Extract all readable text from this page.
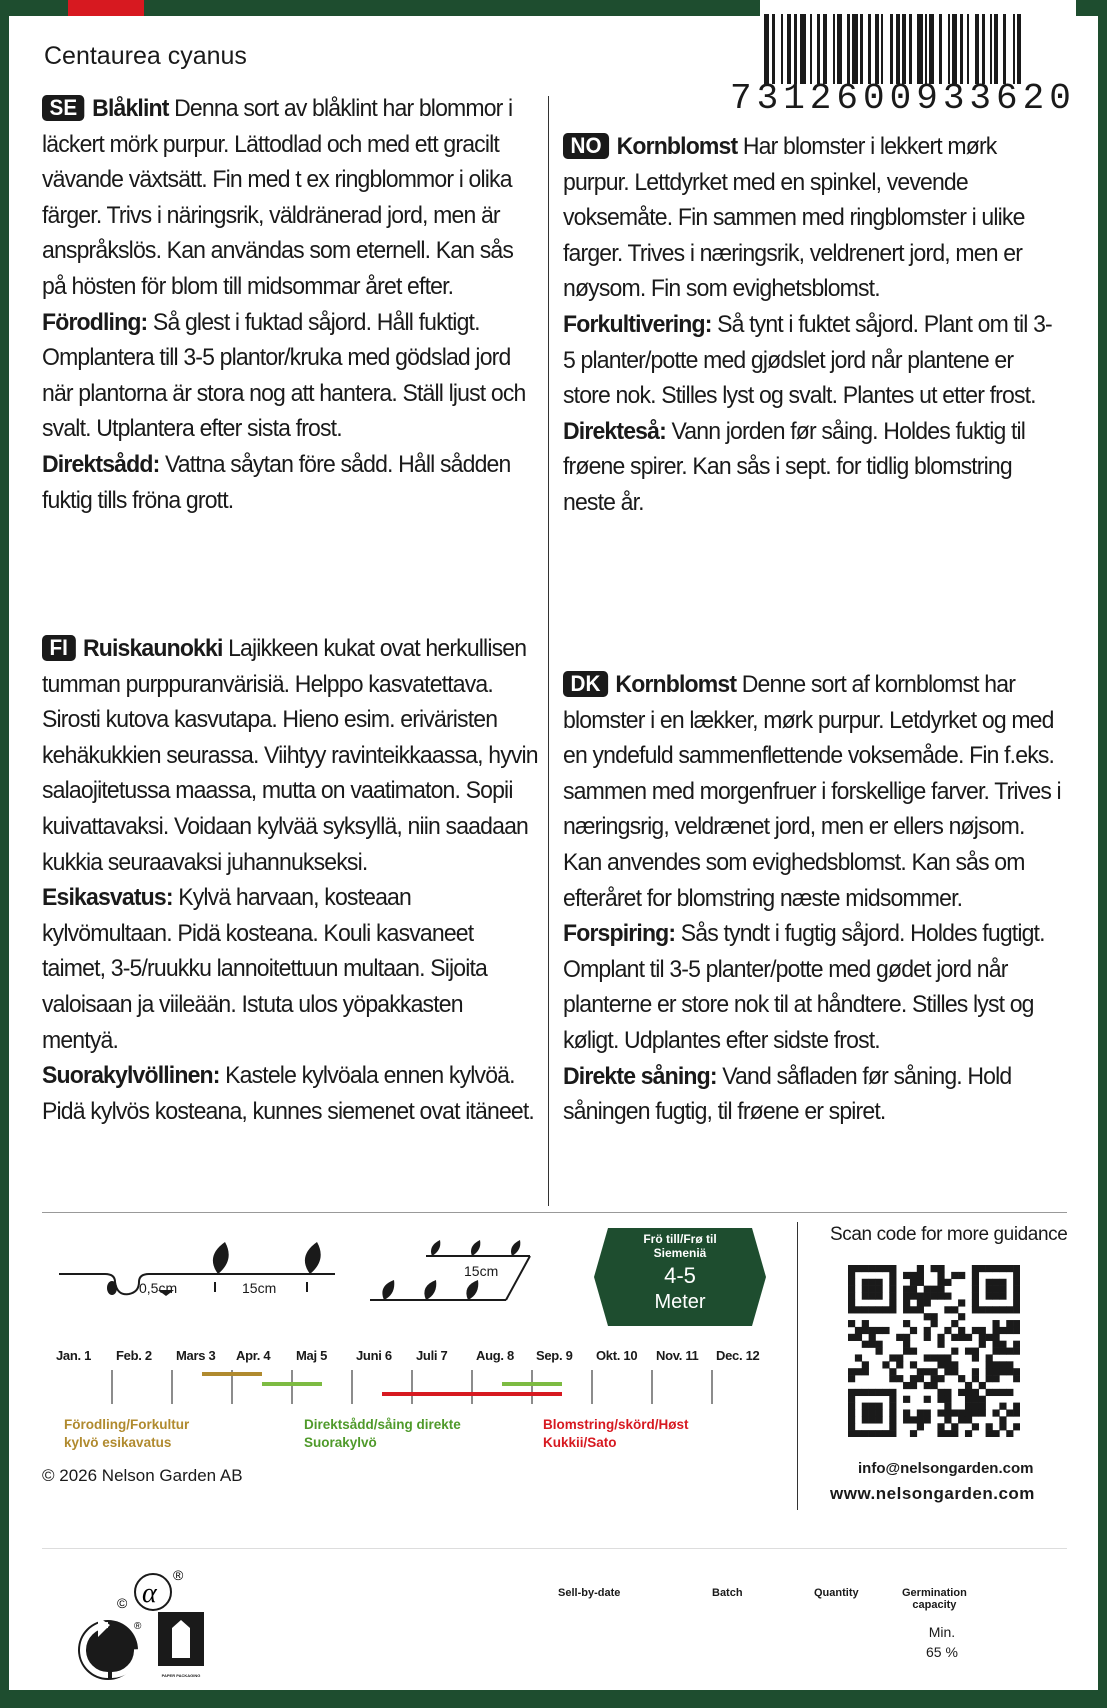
7312600933620
Centaurea cyanus

SE Blåklint Denna sort av blåklint har blommor i läckert mörk purpur. Lättodlad och med ett gracilt vävande växtsätt. Fin med t ex ringblommor i olika färger. Trivs i näringsrik, väldränerad jord, men är anspråkslös. Kan användas som eternell. Kan sås på hösten för blom till midsommar året efter.

Förodling: Så glest i fuktad såjord. Håll fuktigt. Omplantera till 3-5 plantor/kruka med gödslad jord när plantorna är stora nog att hantera. Ställ ljust och svalt. Utplantera efter sista frost.

Direktsådd: Vattna såytan före sådd. Håll sådden fuktig tills fröna grott.

NO Kornblomst Har blomster i lekkert mørk purpur. Lettdyrket med en spinkel, vevende voksemåte. Fin sammen med ringblomster i ulike farger. Trives i næringsrik, veldrenert jord, men er nøysom. Fin som evighetsblomst.

Forkultivering: Så tynt i fuktet såjord. Plant om til 3-5 planter/potte med gjødslet jord når plantene er store nok. Stilles lyst og svalt. Plantes ut etter frost.

Direkteså: Vann jorden før såing. Holdes fuktig til frøene spirer. Kan sås i sept. for tidlig blomstring neste år.

FI Ruiskaunokki Lajikkeen kukat ovat herkullisen tumman purppuranvärisiä. Helppo kasvatettava. Sirosti kutova kasvutapa. Hieno esim. eriväristen kehäkukkien seurassa. Viihtyy ravinteikkaassa, hyvin salaojitetussa maassa, mutta on vaatimaton. Sopii kuivattavaksi. Voidaan kylvää syksyllä, niin saadaan kukkia seuraavaksi juhannukseksi.

Esikasvatus: Kylvä harvaan, kosteaan kylvömultaan. Pidä kosteana. Kouli kasvaneet taimet, 3-5/ruukku lannoitettuun multaan. Sijoita valoisaan ja viileään. Istuta ulos yöpakkasten mentyä.

Suorakylvöllinen: Kastele kylvöala ennen kylvöä. Pidä kylvös kosteana, kunnes siemenet ovat itäneet.

DK Kornblomst Denne sort af kornblomst har blomster i en lækker, mørk purpur. Letdyrket og med en yndefuld sammenflettende voksemåde. Fin f.eks. sammen med morgenfruer i forskellige farver. Trives i næringsrig, veldrænet jord, men er ellers nøjsom. Kan anvendes som evighedsblomst. Kan sås om efteråret for blomstring næste midsommer.

Forspiring: Sås tyndt i fugtig såjord. Holdes fugtigt. Omplant til 3-5 planter/potte med gødet jord når planterne er store nok til at håndtere. Stilles lyst og køligt. Udplantes efter sidste frost.

Direkte såning: Vand såfladen før såning. Hold såningen fugtig, til frøene er spiret.

0,5cm	15cm
15cm
Frö till/Frø til
Siemeniä
4-5
Meter
Jan. 1	Feb. 2	Mars 3	Apr. 4	Maj 5	Juni 6	Juli 7	Aug. 8	Sep. 9	Okt. 10	Nov. 11	Dec. 12
Förodling/Forkultur
kylvö esikavatus
Direktsådd/såing direkte
Suorakylvö
Blomstring/skörd/Høst
Kukkii/Sato
© 2026 Nelson Garden AB
Scan code for more guidance
info@nelsongarden.com
www.nelsongarden.com
© α
®
®
PAPER PACKAGING
Sell-by-date	Batch	Quantity	Germination
capacity
Min.
65 %
